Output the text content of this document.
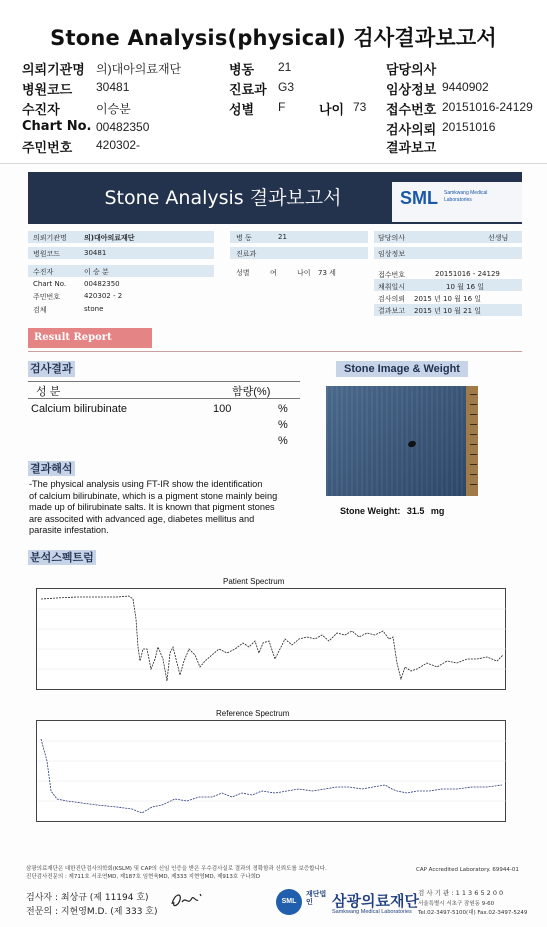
Stone Analysis(physical) 검사결과보고서
의뢰기관명 의)대아의료재단	병동 21	담당의사
병원코드 30481	진료과 G3	임상정보 9440902
수진자	이승분	성별 F	나이 73 접수번호 20151016-24129
Chart No. 00482350	검사의뢰 20151016
주민번호 420302-	결과보고
Stone Analysis 결과보고서	SML Samkwang Medical Laboratories
의뢰기관명 의)대아의료재단
병원코드	30481
병 동	21
진료과
담당의사	선생님
임상정보
수진자	이 승 분	성별	여	나이 73 세
Chart No.	00482350
주민번호	420302 - 2
검체	stone
접수번호	20151016 - 24129
채취일시	10 월 16 일
검사의뢰 2015 년 10 월 16 일
결과보고 2015 년 10 월 21 일
Result Report
검사결과
성 분	함량(%)
Calcium bilirubinate	100	%
%
%
Stone Image & Weight
Stone Weight: 31.5 mg
결과해석
-The physical analysis using FT-IR show the identification
of calcium bilirubinate, which is a pigment stone mainly being
made up of bilirubinate salts. It is known that pigment stones
are associted with advanced age, diabetes mellitus and
parasite infestation.
분석스펙트럼
Patient Spectrum
Reference Spectrum
삼광의료재단은 대한진단검사의학회(KSLM) 및 CAP의 신임 인증을 받은 우수검사실로 결과의 정확함과 신뢰도를 보증합니다.
진단검사전문의 : 제711호 서조연MD, 제187호 임현욱MD, 제333 지현영MD, 제913호 구나희D
CAP Accredited Laboratory. 69944-01
검사자 : 최상규 (제 11194 호)
전문의 : 지현영M.D. (제 333 호)
SML
재단법인	삼광의료재단
Samkwang Medical Laboratories
검 사 기 관 : 1 1 3 6 5 2 0 0
서울특별시 서초구 잠원동 9-60
Tel.02-3497-5100(대) Fax.02-3497-5249
